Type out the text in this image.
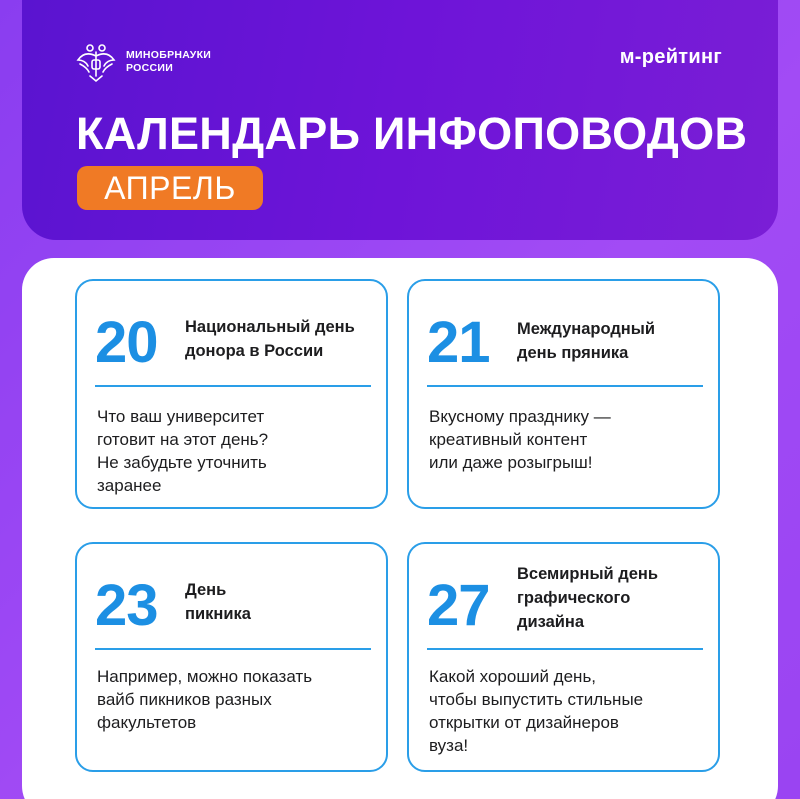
МИНОБРНАУКИ
РОССИИ	м-рейтинг
КАЛЕНДАРЬ ИНФОПОВОДОВ
АПРЕЛЬ
20 Национальный день
донора в России
Что ваш университет
готовит на этот день?
Не забудьте уточнить
заранее
21 Международный
день пряника
Вкусному празднику —
креативный контент
или даже розыгрыш!
23 День
пикника
Например, можно показать
вайб пикников разных
факультетов
27 Всемирный день
графического
дизайна
Какой хороший день,
чтобы выпустить стильные
открытки от дизайнеров
вуза!
